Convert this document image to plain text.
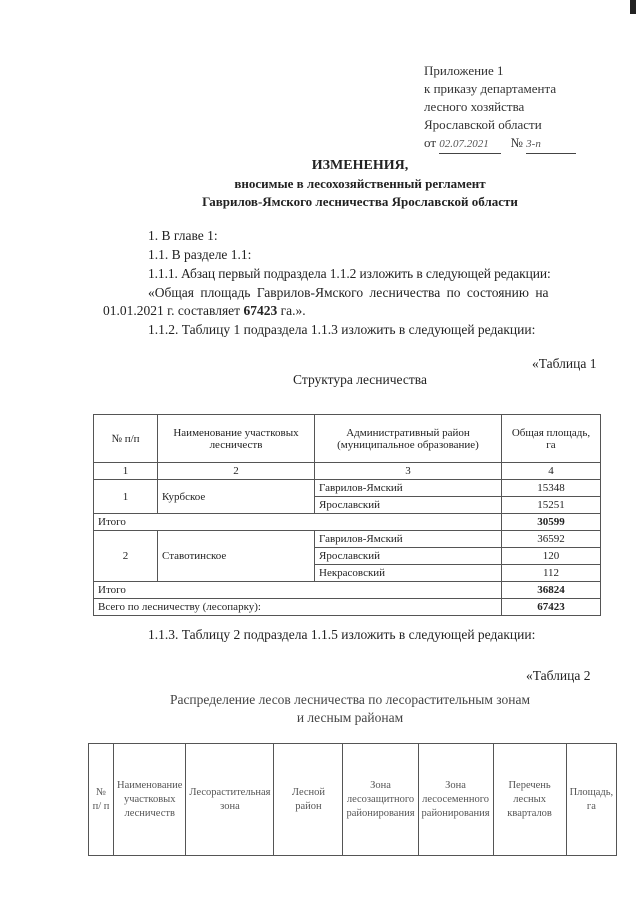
Приложение 1
к приказу департамента
лесного хозяйства
Ярославской области
от 02.07.2021 № 3-п
ИЗМЕНЕНИЯ,
вносимые в лесохозяйственный регламент
Гаврилов-Ямского лесничества Ярославской области
1. В главе 1:
1.1. В разделе 1.1:
1.1.1. Абзац первый подраздела 1.1.2 изложить в следующей редакции:
«Общая площадь Гаврилов-Ямского лесничества по состоянию на
01.01.2021 г. составляет 67423 га.».
1.1.2. Таблицу 1 подраздела 1.1.3 изложить в следующей редакции:
«Таблица 1
Структура лесничества
№ п/п	Наименование участковых лесничеств	Административный район (муниципальное образование)	Общая площадь, га
1	2	3	4
1	Курбское	Гаврилов-Ямский	15348
		Ярославский	15251
Итого			30599
2	Ставотинское	Гаврилов-Ямский	36592
		Ярославский	120
		Некрасовский	112
Итого			36824
Всего по лесничеству (лесопарку):			67423
1.1.3. Таблицу 2 подраздела 1.1.5 изложить в следующей редакции:
«Таблица 2
Распределение лесов лесничества по лесорастительным зонам
и лесным районам
№ п/ п	Наименование участковых лесничеств	Лесорастительная зона	Лесной район	Зона лесозащитного районирования	Зона лесосеменного районирования	Перечень лесных кварталов	Площадь, га
